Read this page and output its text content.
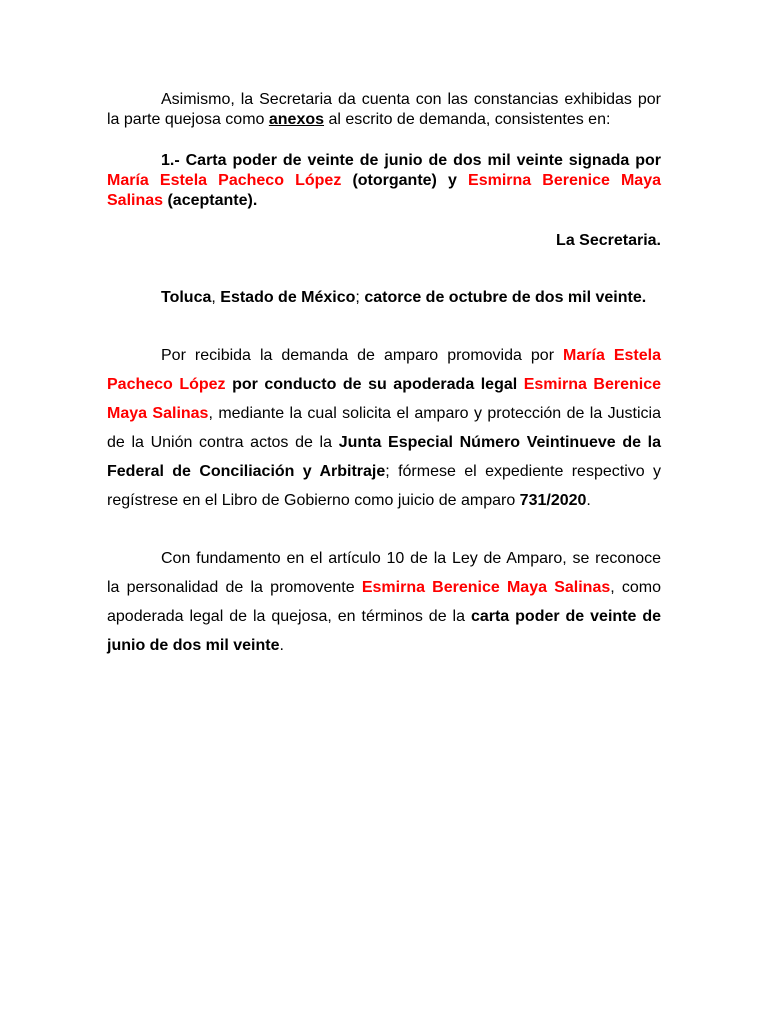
Asimismo, la Secretaria da cuenta con las constancias exhibidas por la parte quejosa como anexos al escrito de demanda, consistentes en:

1.- Carta poder de veinte de junio de dos mil veinte signada por María Estela Pacheco López (otorgante) y Esmirna Berenice Maya Salinas (aceptante).

La Secretaria.

Toluca, Estado de México; catorce de octubre de dos mil veinte.

Por recibida la demanda de amparo promovida por María Estela Pacheco López por conducto de su apoderada legal Esmirna Berenice Maya Salinas, mediante la cual solicita el amparo y protección de la Justicia de la Unión contra actos de la Junta Especial Número Veintinueve de la Federal de Conciliación y Arbitraje; fórmese el expediente respectivo y regístrese en el Libro de Gobierno como juicio de amparo 731/2020.

Con fundamento en el artículo 10 de la Ley de Amparo, se reconoce la personalidad de la promovente Esmirna Berenice Maya Salinas, como apoderada legal de la quejosa, en términos de la carta poder de veinte de junio de dos mil veinte.
